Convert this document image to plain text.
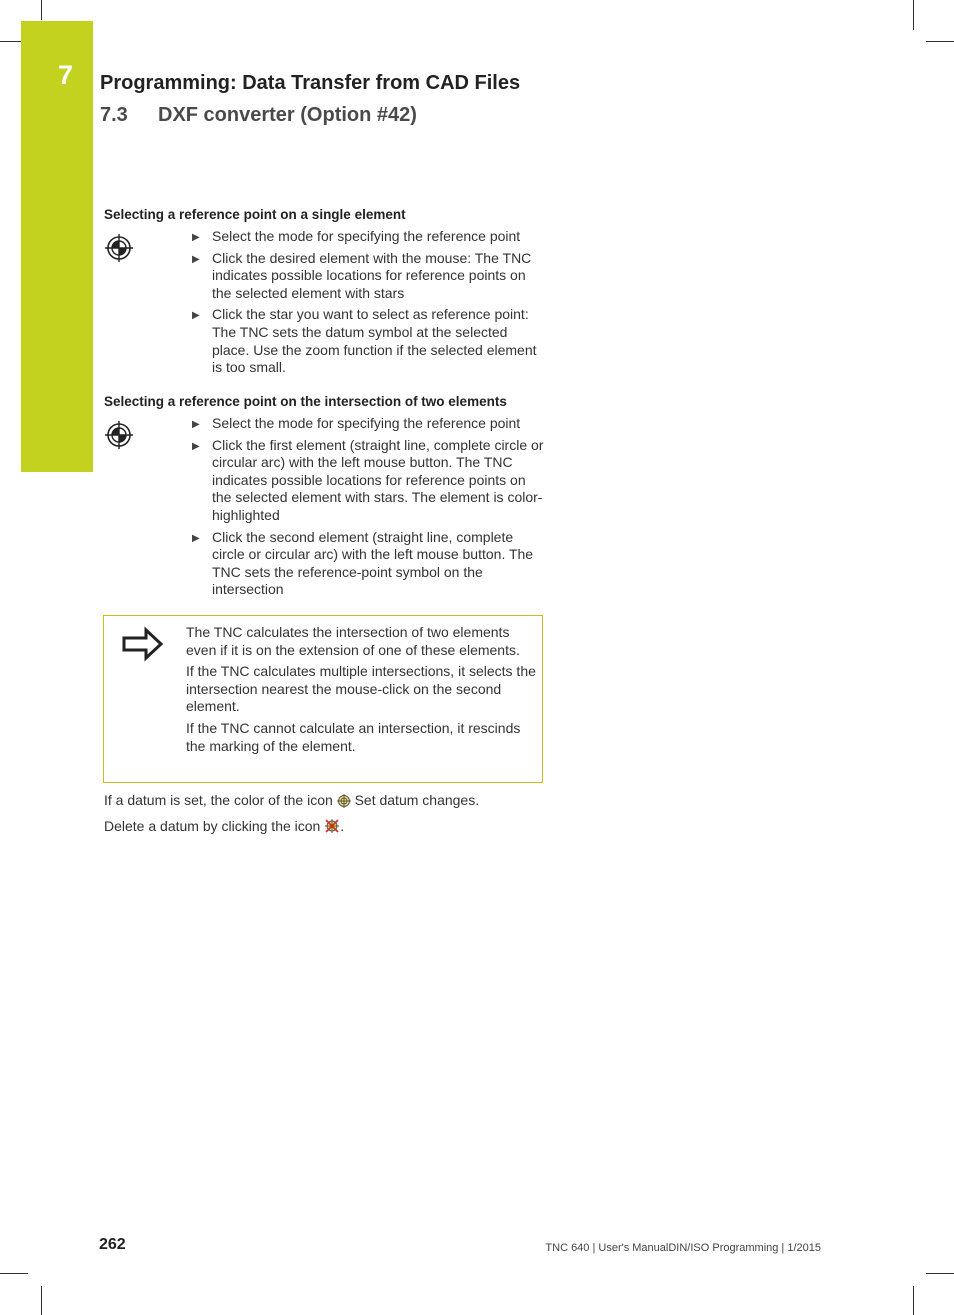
7 Programming: Data Transfer from CAD Files
7.3 DXF converter (Option #42)
Selecting a reference point on a single element
▶ Select the mode for specifying the reference point
▶ Click the desired element with the mouse: The TNC indicates possible locations for reference points on the selected element with stars
▶ Click the star you want to select as reference point: The TNC sets the datum symbol at the selected place. Use the zoom function if the selected element is too small.
Selecting a reference point on the intersection of two elements
▶ Select the mode for specifying the reference point
▶ Click the first element (straight line, complete circle or circular arc) with the left mouse button. The TNC indicates possible locations for reference points on the selected element with stars. The element is color-highlighted
▶ Click the second element (straight line, complete circle or circular arc) with the left mouse button. The TNC sets the reference-point symbol on the intersection

The TNC calculates the intersection of two elements even if it is on the extension of one of these elements.

If the TNC calculates multiple intersections, it selects the intersection nearest the mouse-click on the second element.

If the TNC cannot calculate an intersection, it rescinds the marking of the element.

If a datum is set, the color of the icon Set datum changes.
Delete a datum by clicking the icon .
262	TNC 640 | User's ManualDIN/ISO Programming | 1/2015
